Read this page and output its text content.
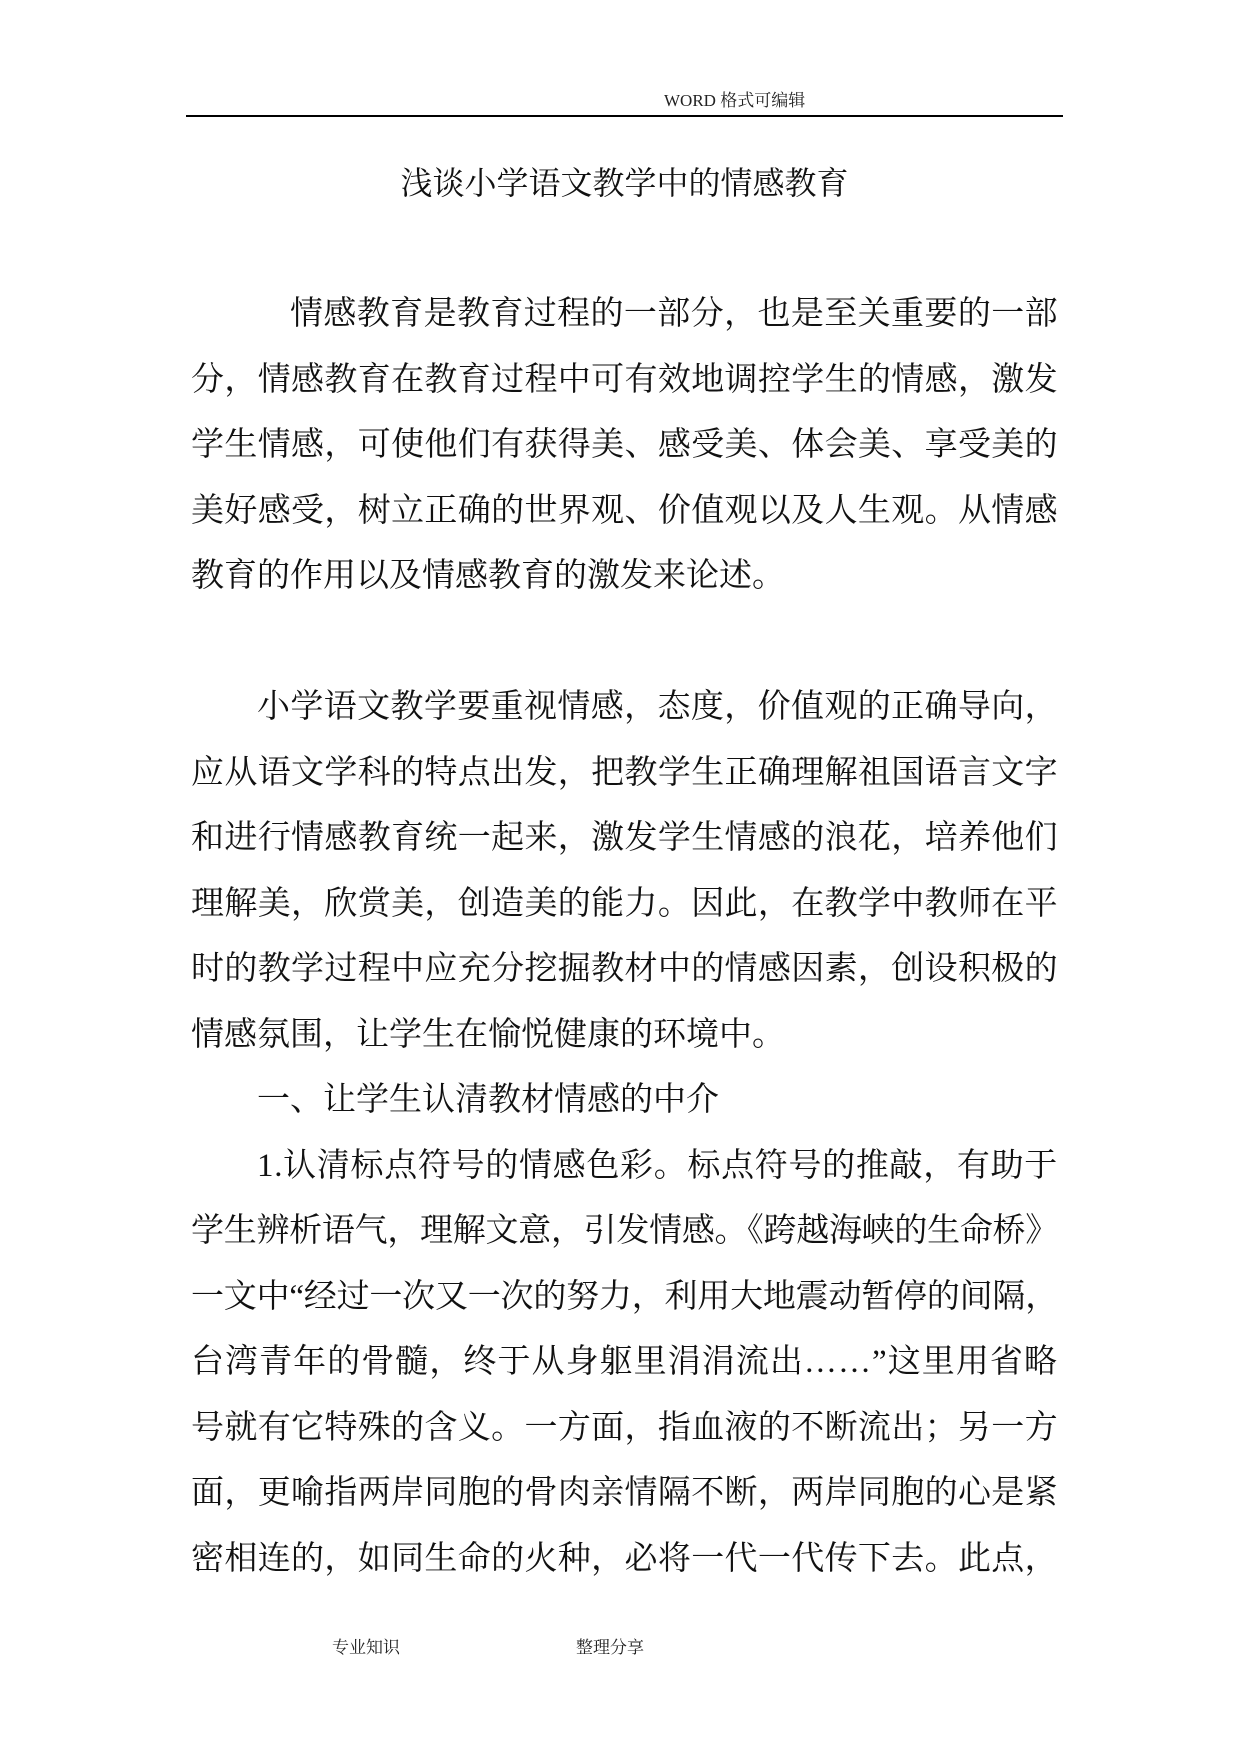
WORD 格式可编辑
浅谈小学语文教学中的情感教育
情感教育是教育过程的一部分，也是至关重要的一部
分，情感教育在教育过程中可有效地调控学生的情感，激发
学生情感，可使他们有获得美、感受美、体会美、享受美的
美好感受，树立正确的世界观、价值观以及人生观。从情感
教育的作用以及情感教育的激发来论述。
小学语文教学要重视情感，态度，价值观的正确导向，
应从语文学科的特点出发，把教学生正确理解祖国语言文字
和进行情感教育统一起来，激发学生情感的浪花，培养他们
理解美，欣赏美，创造美的能力。因此，在教学中教师在平
时的教学过程中应充分挖掘教材中的情感因素，创设积极的
情感氛围，让学生在愉悦健康的环境中。
一、让学生认清教材情感的中介
1.认清标点符号的情感色彩。标点符号的推敲，有助于
学生辨析语气，理解文意，引发情感。《跨越海峡的生命桥》
一文中“经过一次又一次的努力，利用大地震动暂停的间隔，
台湾青年的骨髓，终于从身躯里涓涓流出……”这里用省略
号就有它特殊的含义。一方面，指血液的不断流出；另一方
面，更喻指两岸同胞的骨肉亲情隔不断，两岸同胞的心是紧
密相连的，如同生命的火种，必将一代一代传下去。此点，
专业知识	整理分享
